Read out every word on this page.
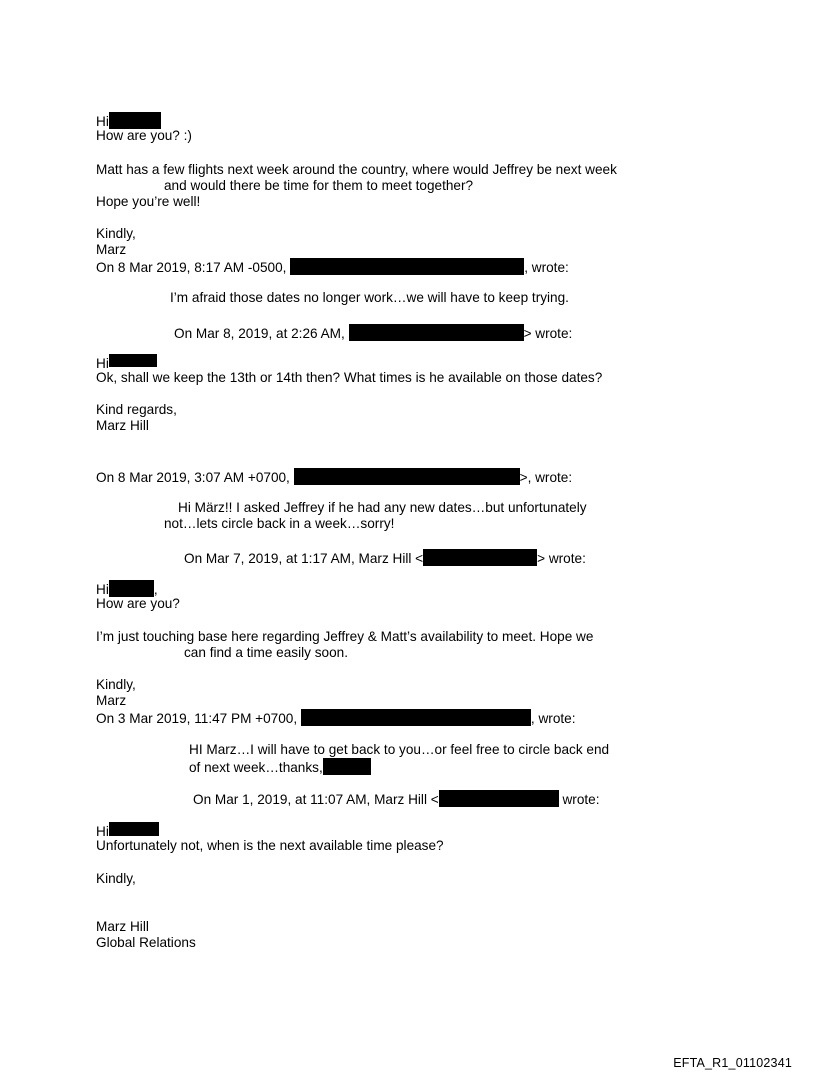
Hi
How are you? :)
Matt has a few flights next week around the country, where would Jeffrey be next week
and would there be time for them to meet together?
Hope you’re well!
Kindly,
Marz
On 8 Mar 2019, 8:17 AM -0500,	, wrote:
I’m afraid those dates no longer work…we will have to keep trying.
On Mar 8, 2019, at 2:26 AM,	> wrote:
Hi
Ok, shall we keep the 13th or 14th then? What times is he available on those dates?
Kind regards,
Marz Hill
On 8 Mar 2019, 3:07 AM +0700,	>, wrote:
Hi März!! I asked Jeffrey if he had any new dates…but unfortunately
not…lets circle back in a week…sorry!
On Mar 7, 2019, at 1:17 AM, Marz Hill <	> wrote:
Hi	,
How are you?
I’m just touching base here regarding Jeffrey & Matt’s availability to meet. Hope we
can find a time easily soon.
Kindly,
Marz
On 3 Mar 2019, 11:47 PM +0700,	, wrote:
HI Marz…I will have to get back to you…or feel free to circle back end
of next week…thanks,
On Mar 1, 2019, at 11:07 AM, Marz Hill <	wrote:
Hi
Unfortunately not, when is the next available time please?
Kindly,
Marz Hill
Global Relations
EFTA_R1_01102341
